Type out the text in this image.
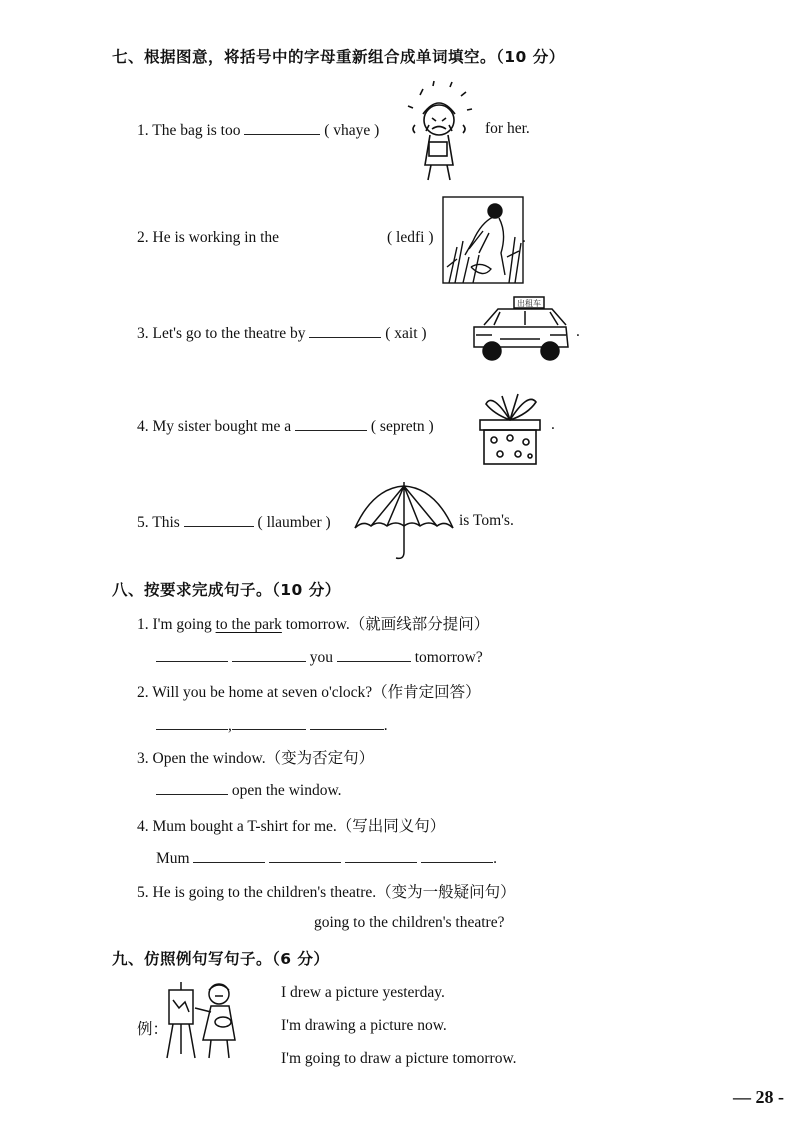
七、根据图意，将括号中的字母重新组合成单词填空。（10 分）
1. The bag is too	( vhaye )	for her.
2. He is working in the	( ledfi )	.
3. Let's go to the theatre by	( xait )
出租车
.
4. My sister bought me a	( sepretn )	.
5. This	( llaumber )	is Tom's.
八、按要求完成句子。（10 分）
1. I'm going to the park tomorrow.（就画线部分提问）
you	tomorrow?
2. Will you be home at seven o'clock?（作肯定回答）
,	.
3. Open the window.（变为否定句）
open the window.
4. Mum bought a T-shirt for me.（写出同义句）
Mum	.
5. He is going to the children's theatre.（变为一般疑问句）
going to the children's theatre?
九、仿照例句写句子。（6 分）
例：
I drew a picture yesterday.
I'm drawing a picture now.
I'm going to draw a picture tomorrow.
— 28 -
